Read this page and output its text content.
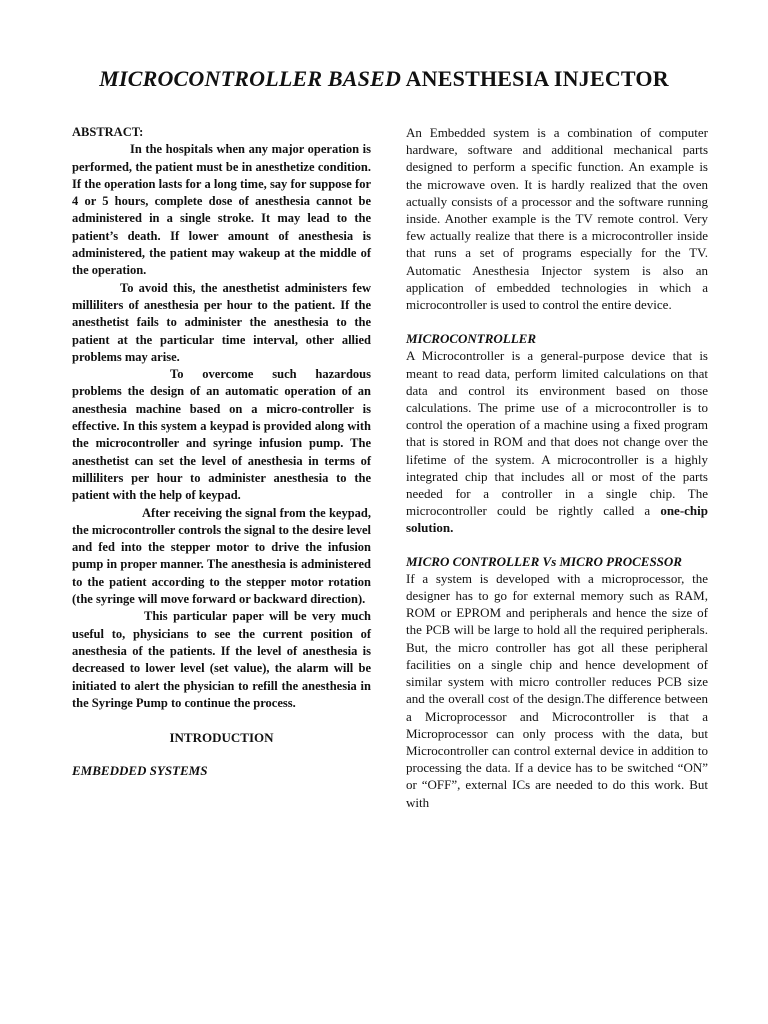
MICROCONTROLLER BASED ANESTHESIA INJECTOR

ABSTRACT:

In the hospitals when any major operation is performed, the patient must be in anesthetize condition. If the operation lasts for a long time, say for suppose for 4 or 5 hours, complete dose of anesthesia cannot be administered in a single stroke. It may lead to the patient’s death. If lower amount of anesthesia is administered, the patient may wakeup at the middle of the operation.

To avoid this, the anesthetist administers few milliliters of anesthesia per hour to the patient. If the anesthetist fails to administer the anesthesia to the patient at the particular time interval, other allied problems may arise.

To overcome such hazardous problems the design of an automatic operation of an anesthesia machine based on a micro-controller is effective. In this system a keypad is provided along with the microcontroller and syringe infusion pump. The anesthetist can set the level of anesthesia in terms of milliliters per hour to administer anesthesia to the patient with the help of keypad.

After receiving the signal from the keypad, the microcontroller controls the signal to the desire level and fed into the stepper motor to drive the infusion pump in proper manner. The anesthesia is administered to the patient according to the stepper motor rotation (the syringe will move forward or backward direction).

This particular paper will be very much useful to, physicians to see the current position of anesthesia of the patients. If the level of anesthesia is decreased to lower level (set value), the alarm will be initiated to alert the physician to refill the anesthesia in the Syringe Pump to continue the process.

INTRODUCTION

EMBEDDED SYSTEMS

An Embedded system is a combination of computer hardware, software and additional mechanical parts designed to perform a specific function. An example is the microwave oven. It is hardly realized that the oven actually consists of a processor and the software running inside. Another example is the TV remote control. Very few actually realize that there is a microcontroller inside that runs a set of programs especially for the TV. Automatic Anesthesia Injector system is also an application of embedded technologies in which a microcontroller is used to control the entire device.

MICROCONTROLLER

A Microcontroller is a general-purpose device that is meant to read data, perform limited calculations on that data and control its environment based on those calculations. The prime use of a microcontroller is to control the operation of a machine using a fixed program that is stored in ROM and that does not change over the lifetime of the system. A microcontroller is a highly integrated chip that includes all or most of the parts needed for a controller in a single chip. The microcontroller could be rightly called a one-chip solution.

MICRO CONTROLLER Vs MICRO PROCESSOR

If a system is developed with a microprocessor, the designer has to go for external memory such as RAM, ROM or EPROM and peripherals and hence the size of the PCB will be large to hold all the required peripherals. But, the micro controller has got all these peripheral facilities on a single chip and hence development of similar system with micro controller reduces PCB size and the overall cost of the design.The difference between a Microprocessor and Microcontroller is that a Microprocessor can only process with the data, but Microcontroller can control external device in addition to processing the data. If a device has to be switched “ON” or “OFF”, external ICs are needed to do this work. But with
